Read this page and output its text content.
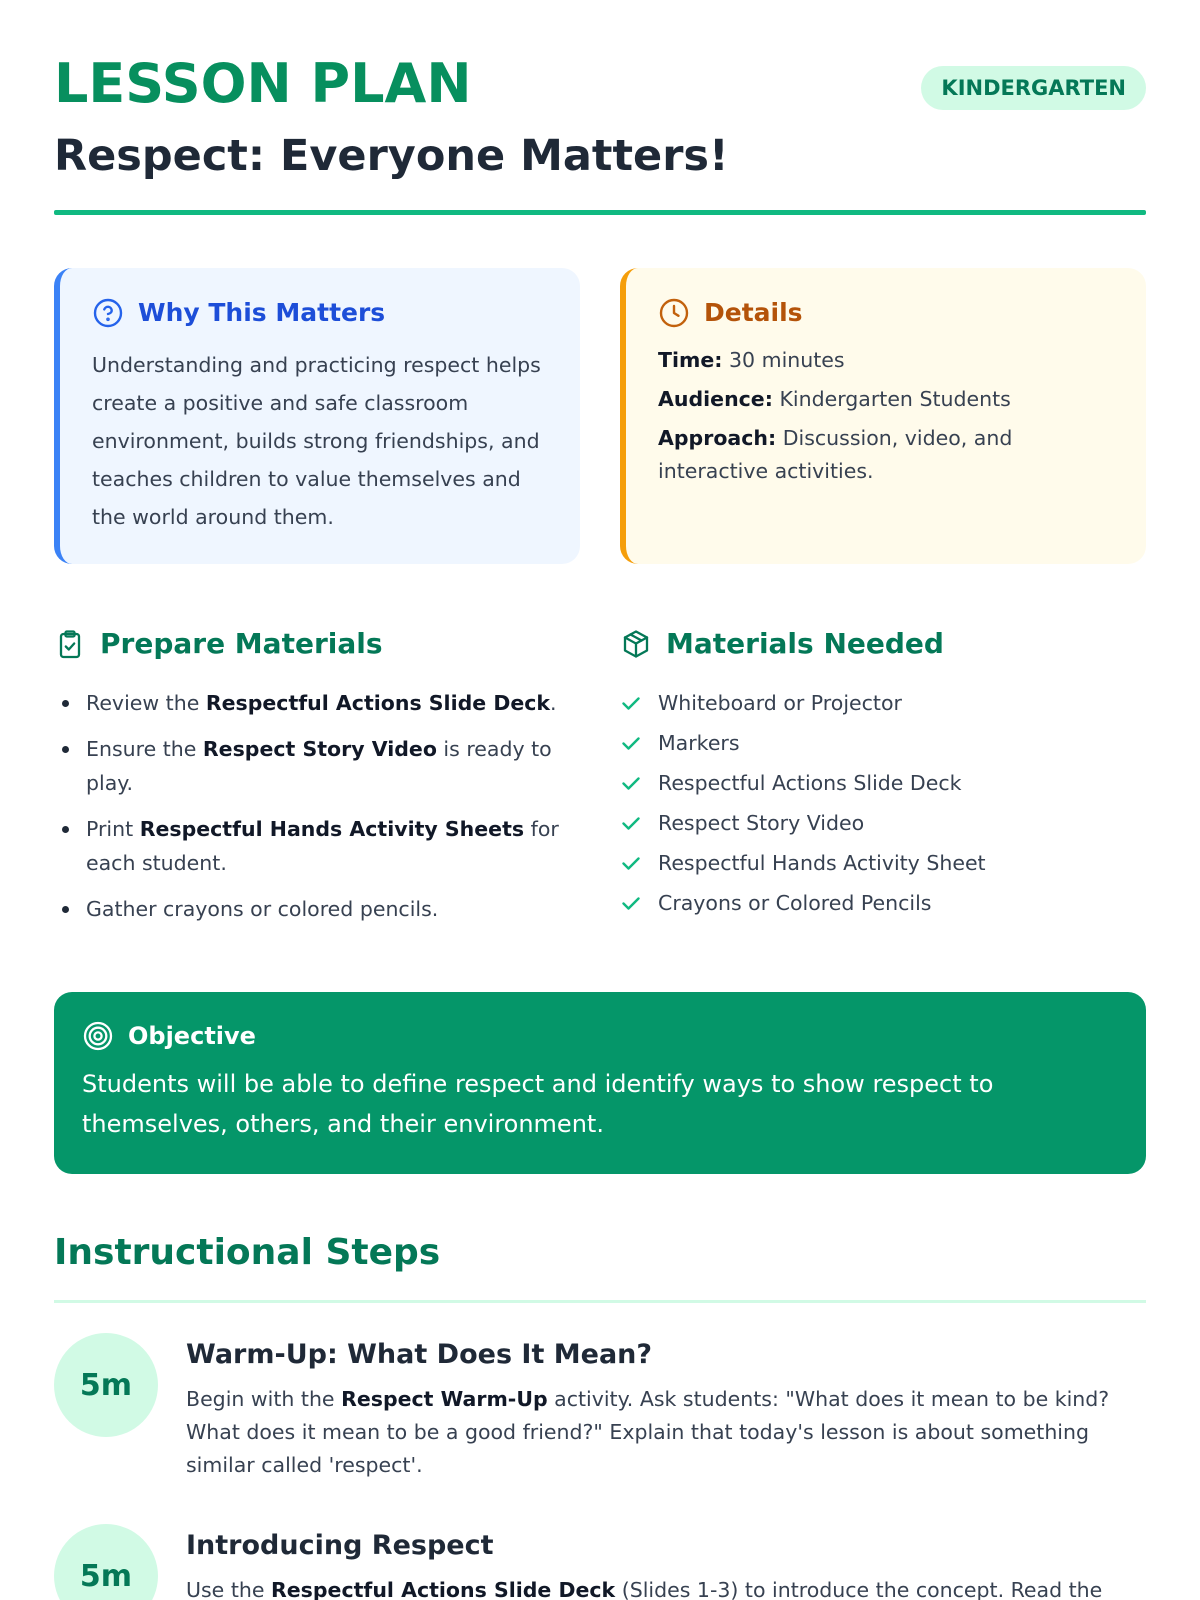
LESSON PLAN	KINDERGARTEN
Respect: Everyone Matters!
Why This Matters

Understanding and practicing respect helps create a positive and safe classroom environment, builds strong friendships, and teaches children to value themselves and the world around them.

Details

Time: 30 minutes

Audience: Kindergarten Students

Approach: Discussion, video, and interactive activities.

Prepare Materials
Review the Respectful Actions Slide Deck.
Ensure the Respect Story Video is ready to play.
Print Respectful Hands Activity Sheets for each student.
Gather crayons or colored pencils.
Materials Needed
Whiteboard or Projector
Markers
Respectful Actions Slide Deck
Respect Story Video
Respectful Hands Activity Sheet
Crayons or Colored Pencils
Objective

Students will be able to define respect and identify ways to show respect to themselves, others, and their environment.

Instructional Steps
5m
Warm-Up: What Does It Mean?

Begin with the Respect Warm-Up activity. Ask students: "What does it mean to be kind? What does it mean to be a good friend?" Explain that today's lesson is about something similar called 'respect'.

5m
Introducing Respect

Use the Respectful Actions Slide Deck (Slides 1-3) to introduce the concept. Read the
